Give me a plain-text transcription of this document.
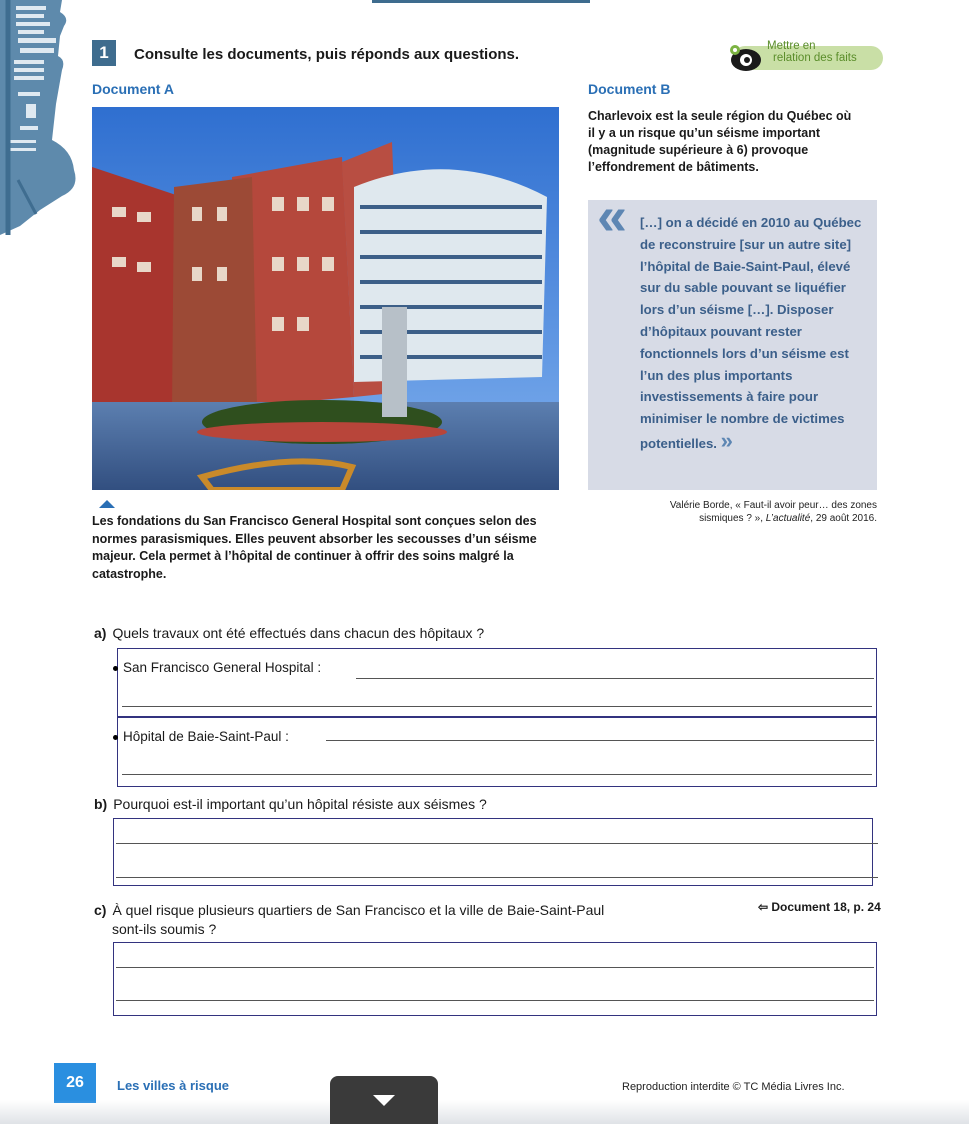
1	Consulte les documents, puis réponds aux questions.	Mettre en
relation des faits
Document A
Les fondations du San Francisco General Hospital sont conçues selon des normes parasismiques. Elles peuvent absorber les secousses d’un séisme majeur. Cela permet à l’hôpital de continuer à offrir des soins malgré la catastrophe.
Document B
Charlevoix est la seule région du Québec où il y a un risque qu’un séisme important (magnitude supérieure à 6) provoque l’effondrement de bâtiments.
« […] on a décidé en 2010 au Québec de reconstruire [sur un autre site] l’hôpital de Baie-Saint-Paul, élevé sur du sable pouvant se liquéfier lors d’un séisme […]. Disposer d’hôpitaux pouvant rester fonctionnels lors d’un séisme est l’un des plus importants investissements à faire pour minimiser le nombre de victimes potentielles. »
Valérie Borde, « Faut-il avoir peur… des zones
sismiques ? », L’actualité, 29 août 2016.
a) Quels travaux ont été effectués dans chacun des hôpitaux ?
San Francisco General Hospital :
Hôpital de Baie-Saint-Paul :
b) Pourquoi est-il important qu’un hôpital résiste aux séismes ?
c) À quel risque plusieurs quartiers de San Francisco et la ville de Baie-Saint-Paul
sont-ils soumis ?
⇦ Document 18, p. 24
26	Les villes à risque	Reproduction interdite © TC Média Livres Inc.
